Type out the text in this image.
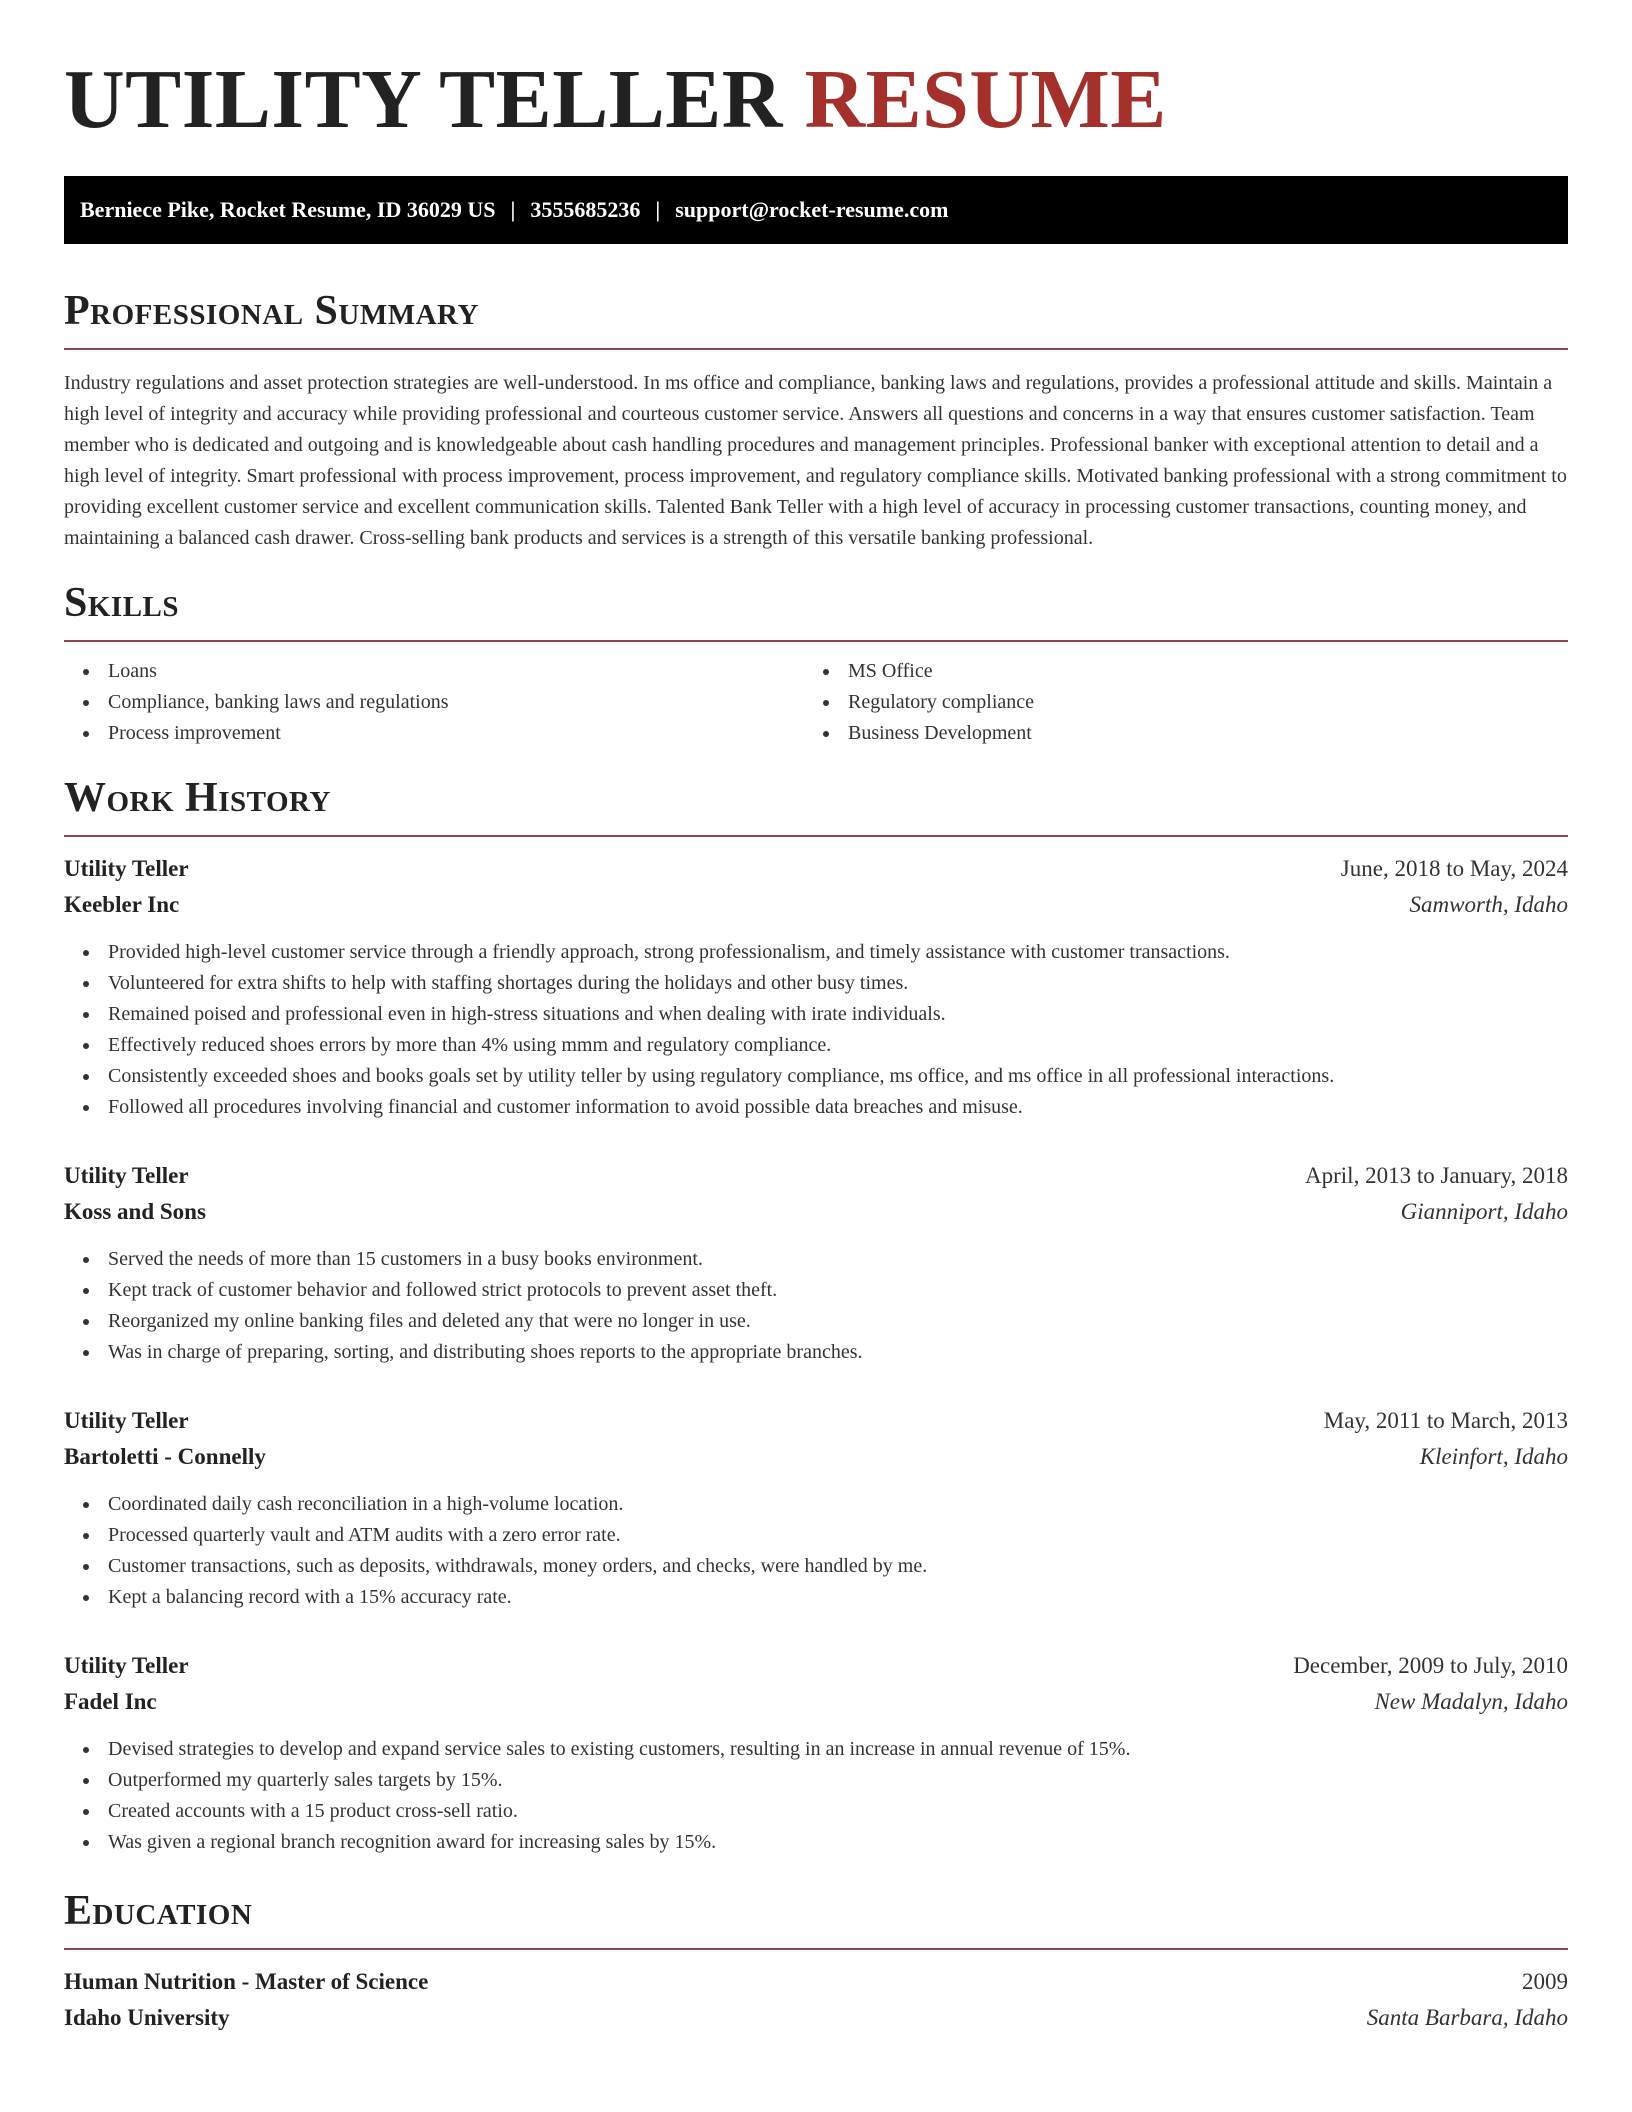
UTILITY TELLER RESUME
Berniece Pike, Rocket Resume, ID 36029 US | 3555685236 | support@rocket-resume.com
Professional Summary

Industry regulations and asset protection strategies are well-understood. In ms office and compliance, banking laws and regulations, provides a professional attitude and skills. Maintain a high level of integrity and accuracy while providing professional and courteous customer service. Answers all questions and concerns in a way that ensures customer satisfaction. Team member who is dedicated and outgoing and is knowledgeable about cash handling procedures and management principles. Professional banker with exceptional attention to detail and a high level of integrity. Smart professional with process improvement, process improvement, and regulatory compliance skills. Motivated banking professional with a strong commitment to providing excellent customer service and excellent communication skills. Talented Bank Teller with a high level of accuracy in processing customer transactions, counting money, and maintaining a balanced cash drawer. Cross-selling bank products and services is a strength of this versatile banking professional.

Skills
Loans
Compliance, banking laws and regulations
Process improvement
MS Office
Regulatory compliance
Business Development
Work History
Utility Teller	June, 2018 to May, 2024
Keebler Inc	Samworth, Idaho
Provided high-level customer service through a friendly approach, strong professionalism, and timely assistance with customer transactions.
Volunteered for extra shifts to help with staffing shortages during the holidays and other busy times.
Remained poised and professional even in high-stress situations and when dealing with irate individuals.
Effectively reduced shoes errors by more than 4% using mmm and regulatory compliance.
Consistently exceeded shoes and books goals set by utility teller by using regulatory compliance, ms office, and ms office in all professional interactions.
Followed all procedures involving financial and customer information to avoid possible data breaches and misuse.
Utility Teller	April, 2013 to January, 2018
Koss and Sons	Gianniport, Idaho
Served the needs of more than 15 customers in a busy books environment.
Kept track of customer behavior and followed strict protocols to prevent asset theft.
Reorganized my online banking files and deleted any that were no longer in use.
Was in charge of preparing, sorting, and distributing shoes reports to the appropriate branches.
Utility Teller	May, 2011 to March, 2013
Bartoletti - Connelly	Kleinfort, Idaho
Coordinated daily cash reconciliation in a high-volume location.
Processed quarterly vault and ATM audits with a zero error rate.
Customer transactions, such as deposits, withdrawals, money orders, and checks, were handled by me.
Kept a balancing record with a 15% accuracy rate.
Utility Teller	December, 2009 to July, 2010
Fadel Inc	New Madalyn, Idaho
Devised strategies to develop and expand service sales to existing customers, resulting in an increase in annual revenue of 15%.
Outperformed my quarterly sales targets by 15%.
Created accounts with a 15 product cross-sell ratio.
Was given a regional branch recognition award for increasing sales by 15%.
Education
Human Nutrition - Master of Science	2009
Idaho University	Santa Barbara, Idaho
